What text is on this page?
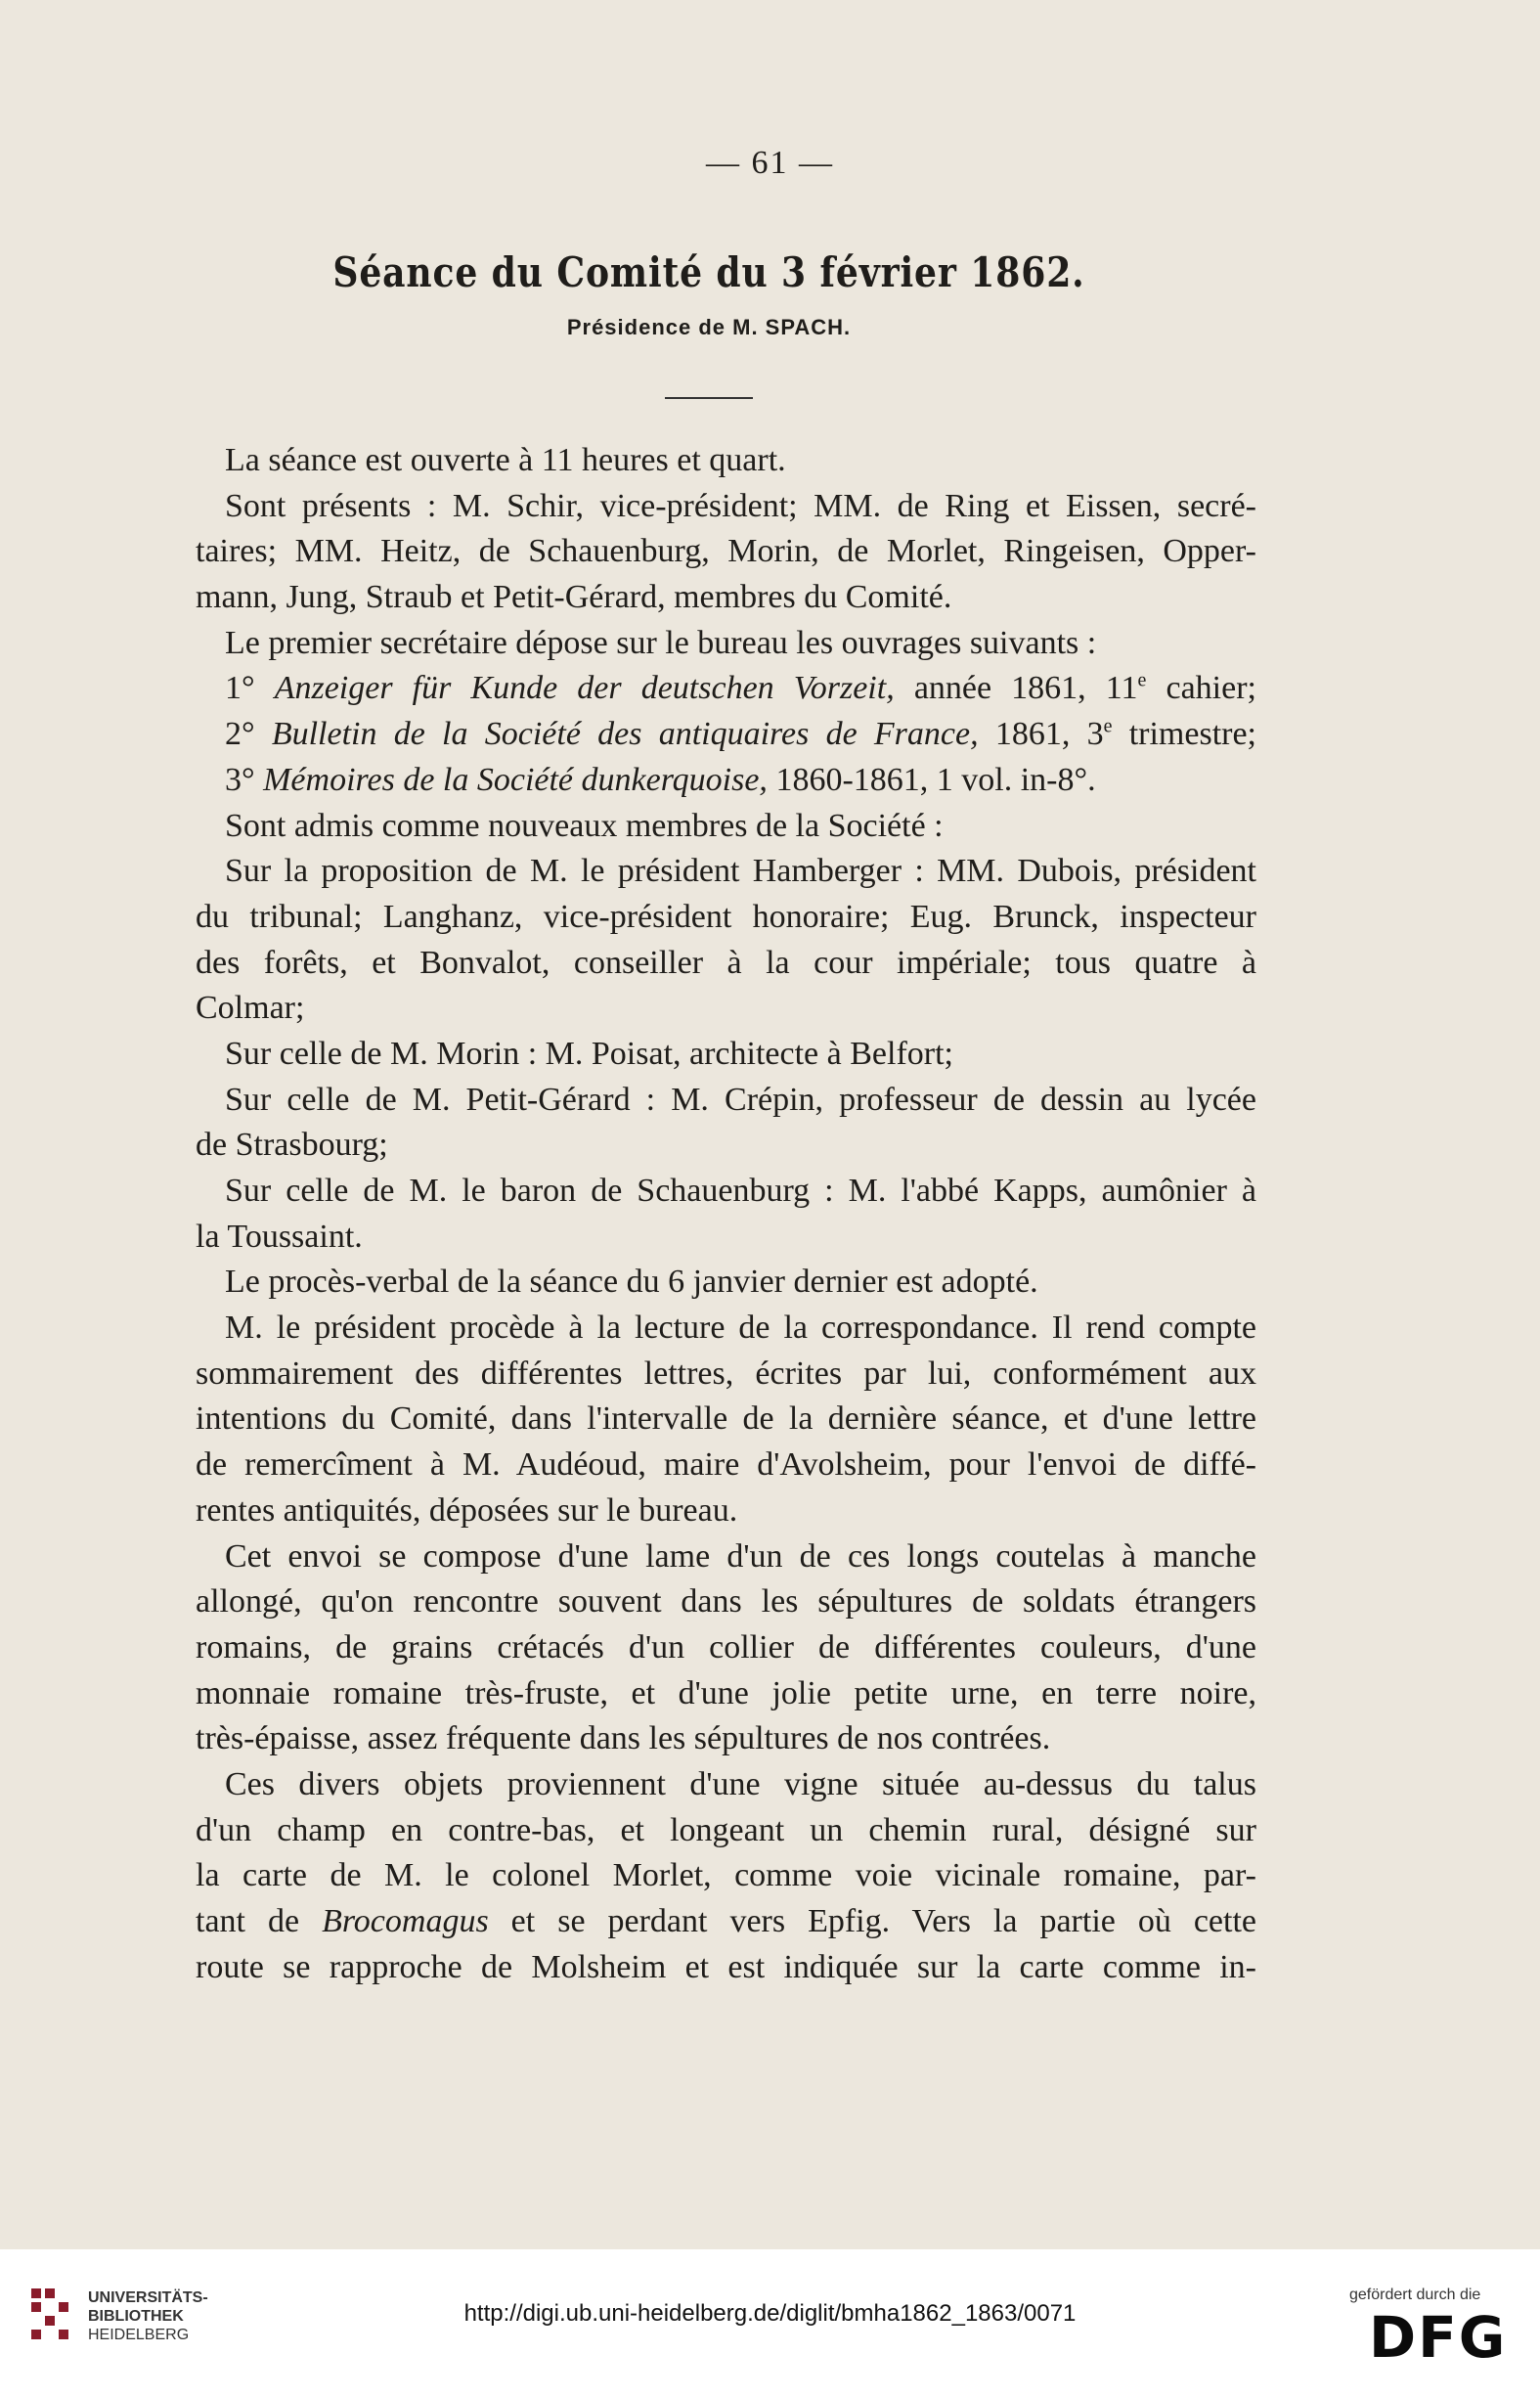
— 61 —
Séance du Comité du 3 février 1862.
Présidence de M. SPACH.
La séance est ouverte à 11 heures et quart.
Sont présents : M. Schir, vice-président; MM. de Ring et Eissen, secré-
taires; MM. Heitz, de Schauenburg, Morin, de Morlet, Ringeisen, Opper-
mann, Jung, Straub et Petit-Gérard, membres du Comité.
Le premier secrétaire dépose sur le bureau les ouvrages suivants :
1° Anzeiger für Kunde der deutschen Vorzeit, année 1861, 11e cahier;
2° Bulletin de la Société des antiquaires de France, 1861, 3e trimestre;
3° Mémoires de la Société dunkerquoise, 1860-1861, 1 vol. in-8°.
Sont admis comme nouveaux membres de la Société :
Sur la proposition de M. le président Hamberger : MM. Dubois, président
du tribunal; Langhanz, vice-président honoraire; Eug. Brunck, inspecteur
des forêts, et Bonvalot, conseiller à la cour impériale; tous quatre à
Colmar;
Sur celle de M. Morin : M. Poisat, architecte à Belfort;
Sur celle de M. Petit-Gérard : M. Crépin, professeur de dessin au lycée
de Strasbourg;
Sur celle de M. le baron de Schauenburg : M. l'abbé Kapps, aumônier à
la Toussaint.
Le procès-verbal de la séance du 6 janvier dernier est adopté.
M. le président procède à la lecture de la correspondance. Il rend compte
sommairement des différentes lettres, écrites par lui, conformément aux
intentions du Comité, dans l'intervalle de la dernière séance, et d'une lettre
de remercîment à M. Audéoud, maire d'Avolsheim, pour l'envoi de diffé-
rentes antiquités, déposées sur le bureau.
Cet envoi se compose d'une lame d'un de ces longs coutelas à manche
allongé, qu'on rencontre souvent dans les sépultures de soldats étrangers
romains, de grains crétacés d'un collier de différentes couleurs, d'une
monnaie romaine très-fruste, et d'une jolie petite urne, en terre noire,
très-épaisse, assez fréquente dans les sépultures de nos contrées.
Ces divers objets proviennent d'une vigne située au-dessus du talus
d'un champ en contre-bas, et longeant un chemin rural, désigné sur
la carte de M. le colonel Morlet, comme voie vicinale romaine, par-
tant de Brocomagus et se perdant vers Epfig. Vers la partie où cette
route se rapproche de Molsheim et est indiquée sur la carte comme in-
UNIVERSITÄTS-
BIBLIOTHEK
HEIDELBERG
http://digi.ub.uni-heidelberg.de/diglit/bmha1862_1863/0071
gefördert durch die
DFG
